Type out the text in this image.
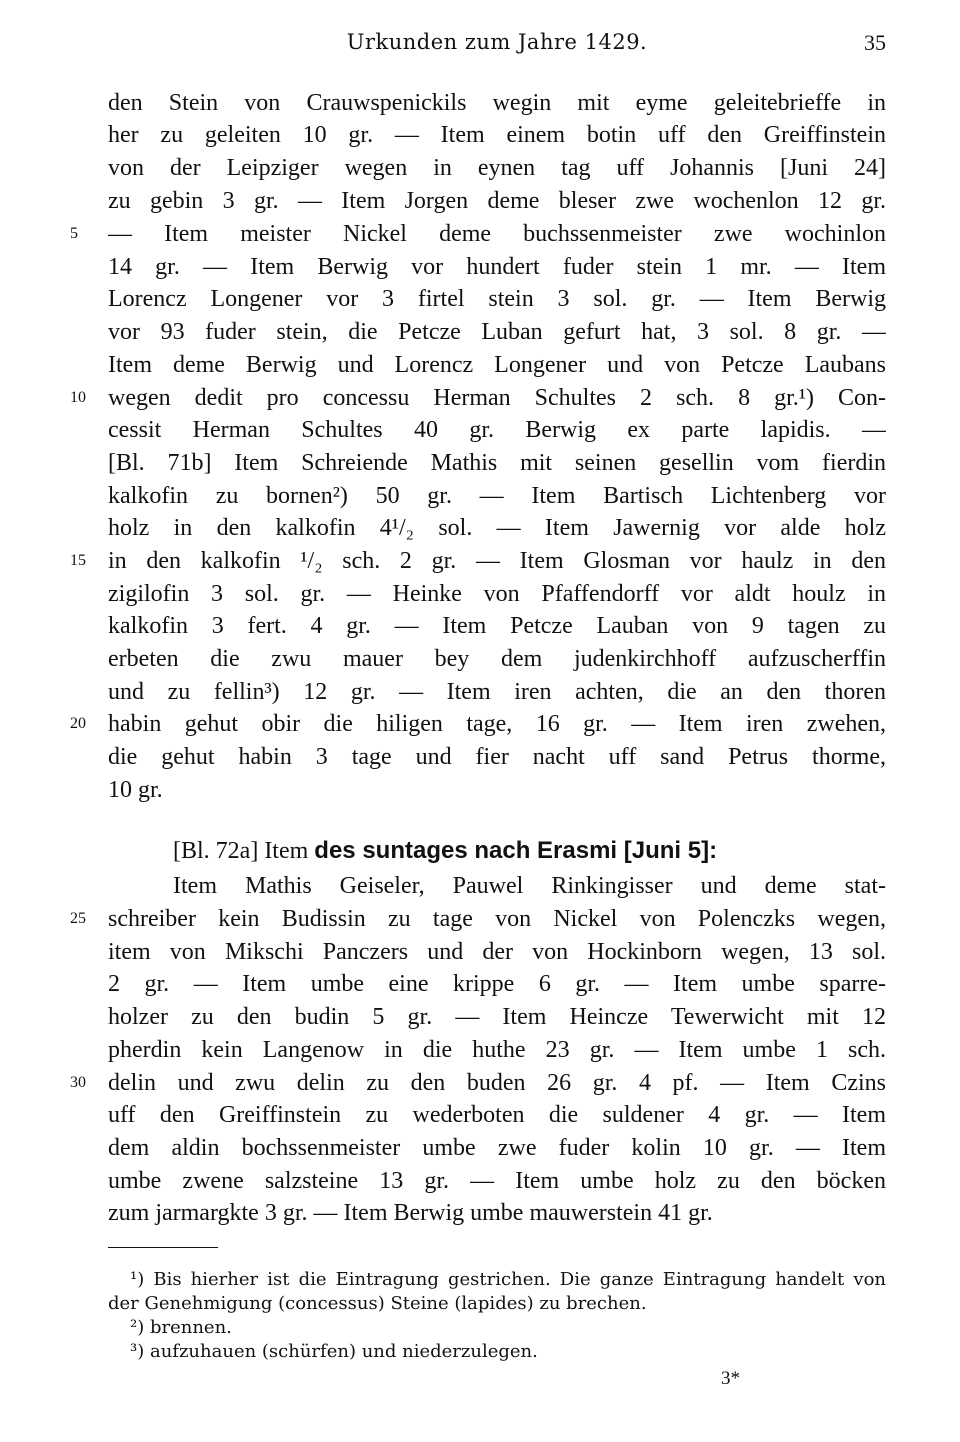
Urkunden zum Jahre 1429.	35
den Stein von Crauwspenickils wegin mit eyme geleitebrieffe in
her zu geleiten 10 gr. — Item einem botin uff den Greiffinstein
von der Leipziger wegen in eynen tag uff Johannis [Juni 24]
zu gebin 3 gr. — Item Jorgen deme bleser zwe wochenlon 12 gr.
— Item meister Nickel deme buchssenmeister zwe wochinlon
14 gr. — Item Berwig vor hundert fuder stein 1 mr. — Item
Lorencz Longener vor 3 firtel stein 3 sol. gr. — Item Berwig
vor 93 fuder stein, die Petcze Luban gefurt hat, 3 sol. 8 gr. —
Item deme Berwig und Lorencz Longener und von Petcze Laubans
wegen dedit pro concessu Herman Schultes 2 sch. 8 gr.¹) Con-
cessit Herman Schultes 40 gr. Berwig ex parte lapidis. —
[Bl. 71b] Item Schreiende Mathis mit seinen gesellin vom fierdin
kalkofin zu bornen²) 50 gr. — Item Bartisch Lichtenberg vor
holz in den kalkofin 4¹/₂ sol. — Item Jawernig vor alde holz
in den kalkofin ¹/₂ sch. 2 gr. — Item Glosman vor haulz in den
zigilofin 3 sol. gr. — Heinke von Pfaffendorff vor aldt houlz in
kalkofin 3 fert. 4 gr. — Item Petcze Lauban von 9 tagen zu
erbeten die zwu mauer bey dem judenkirchhoff aufzuscherffin
und zu fellin³) 12 gr. — Item iren achten, die an den thoren
habin gehut obir die hiligen tage, 16 gr. — Item iren zwehen,
die gehut habin 3 tage und fier nacht uff sand Petrus thorme,
10 gr.
[Bl. 72a] Item des suntages nach Erasmi [Juni 5]:
Item Mathis Geiseler, Pauwel Rinkingisser und deme stat-
schreiber kein Budissin zu tage von Nickel von Polenczks wegen,
item von Mikschi Panczers und der von Hockinborn wegen, 13 sol.
2 gr. — Item umbe eine krippe 6 gr. — Item umbe sparre-
holzer zu den budin 5 gr. — Item Heincze Tewerwicht mit 12
pherdin kein Langenow in die huthe 23 gr. — Item umbe 1 sch.
delin und zwu delin zu den buden 26 gr. 4 pf. — Item Czins
uff den Greiffinstein zu wederboten die suldener 4 gr. — Item
dem aldin bochssenmeister umbe zwe fuder kolin 10 gr. — Item
umbe zwene salzsteine 13 gr. — Item umbe holz zu den böcken
zum jarmargkte 3 gr. — Item Berwig umbe mauwerstein 41 gr.
5
10
15
20
25
30
¹) Bis hierher ist die Eintragung gestrichen. Die ganze Eintragung handelt von
der Genehmigung (concessus) Steine (lapides) zu brechen.
²) brennen.
³) aufzuhauen (schürfen) und niederzulegen.
3*
